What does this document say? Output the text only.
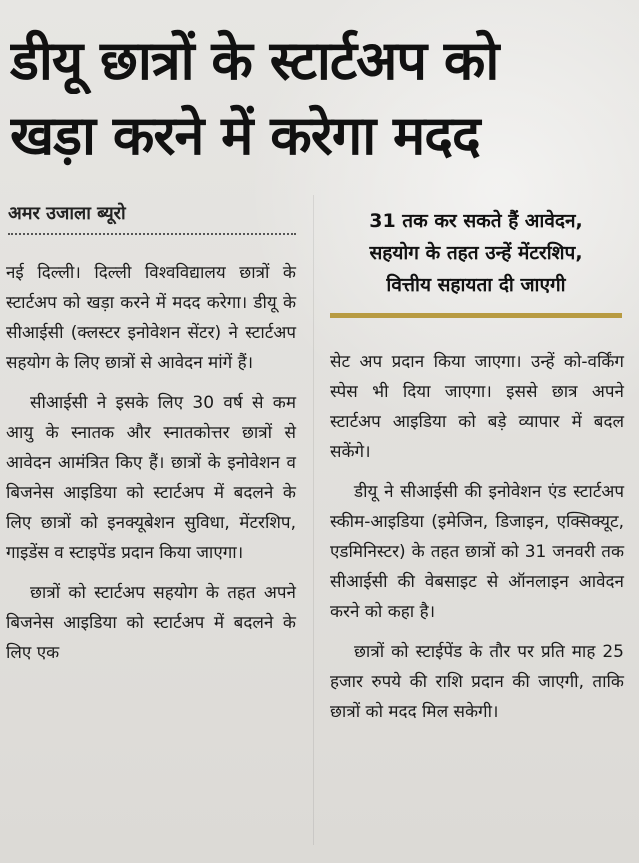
डीयू छात्रों के स्टार्टअप को
खड़ा करने में करेगा मदद
अमर उजाला ब्यूरो	31 तक कर सकते हैं आवेदन,
सहयोग के तहत उन्हें मेंटरशिप,
वित्तीय सहायता दी जाएगी

नई दिल्ली। दिल्ली विश्वविद्यालय छात्रों के स्टार्टअप को खड़ा करने में मदद करेगा। डीयू के सीआईसी (क्लस्टर इनोवेशन सेंटर) ने स्टार्टअप सहयोग के लिए छात्रों से आवेदन मांगें हैं।

सीआईसी ने इसके लिए 30 वर्ष से कम आयु के स्नातक और स्नातकोत्तर छात्रों से आवेदन आमंत्रित किए हैं। छात्रों के इनोवेशन व बिजनेस आइडिया को स्टार्टअप में बदलने के लिए छात्रों को इनक्यूबेशन सुविधा, मेंटरशिप, गाइडेंस व स्टाइपेंड प्रदान किया जाएगा।

छात्रों को स्टार्टअप सहयोग के तहत अपने बिजनेस आइडिया को स्टार्टअप में बदलने के लिए एक

सेट अप प्रदान किया जाएगा। उन्हें को-वर्किंग स्पेस भी दिया जाएगा। इससे छात्र अपने स्टार्टअप आइडिया को बड़े व्यापार में बदल सकेंगे।

डीयू ने सीआईसी की इनोवेशन एंड स्टार्टअप स्कीम-आइडिया (इमेजिन, डिजाइन, एक्सिक्यूट, एडमिनिस्टर) के तहत छात्रों को 31 जनवरी तक सीआईसी की वेबसाइट से ऑनलाइन आवेदन करने को कहा है।

छात्रों को स्टाईपेंड के तौर पर प्रति माह 25 हजार रुपये की राशि प्रदान की जाएगी, ताकि छात्रों को मदद मिल सकेगी।
